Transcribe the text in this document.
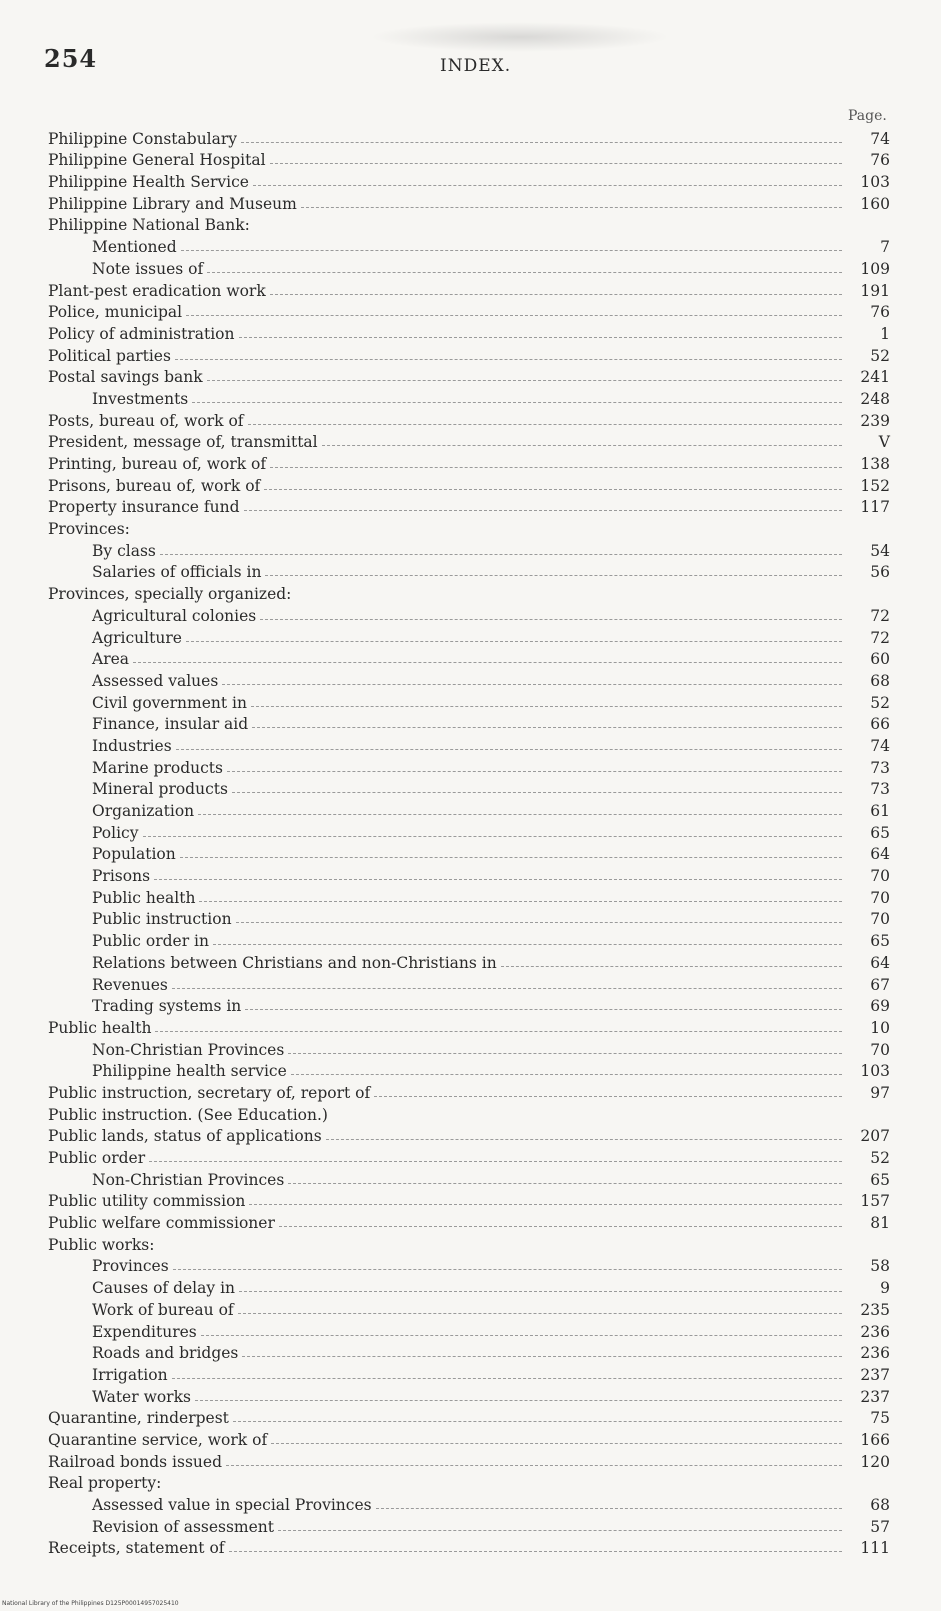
254	INDEX.
Page.
Philippine Constabulary	74
Philippine General Hospital	76
Philippine Health Service	103
Philippine Library and Museum	160
Philippine National Bank:
Mentioned	7
Note issues of	109
Plant-pest eradication work	191
Police, municipal	76
Policy of administration	1
Political parties	52
Postal savings bank	241
Investments	248
Posts, bureau of, work of	239
President, message of, transmittal	V
Printing, bureau of, work of	138
Prisons, bureau of, work of	152
Property insurance fund	117
Provinces:
By class	54
Salaries of officials in	56
Provinces, specially organized:
Agricultural colonies	72
Agriculture	72
Area	60
Assessed values	68
Civil government in	52
Finance, insular aid	66
Industries	74
Marine products	73
Mineral products	73
Organization	61
Policy	65
Population	64
Prisons	70
Public health	70
Public instruction	70
Public order in	65
Relations between Christians and non-Christians in	64
Revenues	67
Trading systems in	69
Public health	10
Non-Christian Provinces	70
Philippine health service	103
Public instruction, secretary of, report of	97
Public instruction. (See Education.)
Public lands, status of applications	207
Public order	52
Non-Christian Provinces	65
Public utility commission	157
Public welfare commissioner	81
Public works:
Provinces	58
Causes of delay in	9
Work of bureau of	235
Expenditures	236
Roads and bridges	236
Irrigation	237
Water works	237
Quarantine, rinderpest	75
Quarantine service, work of	166
Railroad bonds issued	120
Real property:
Assessed value in special Provinces	68
Revision of assessment	57
Receipts, statement of	111
National Library of the Philippines D125P00014957025410
